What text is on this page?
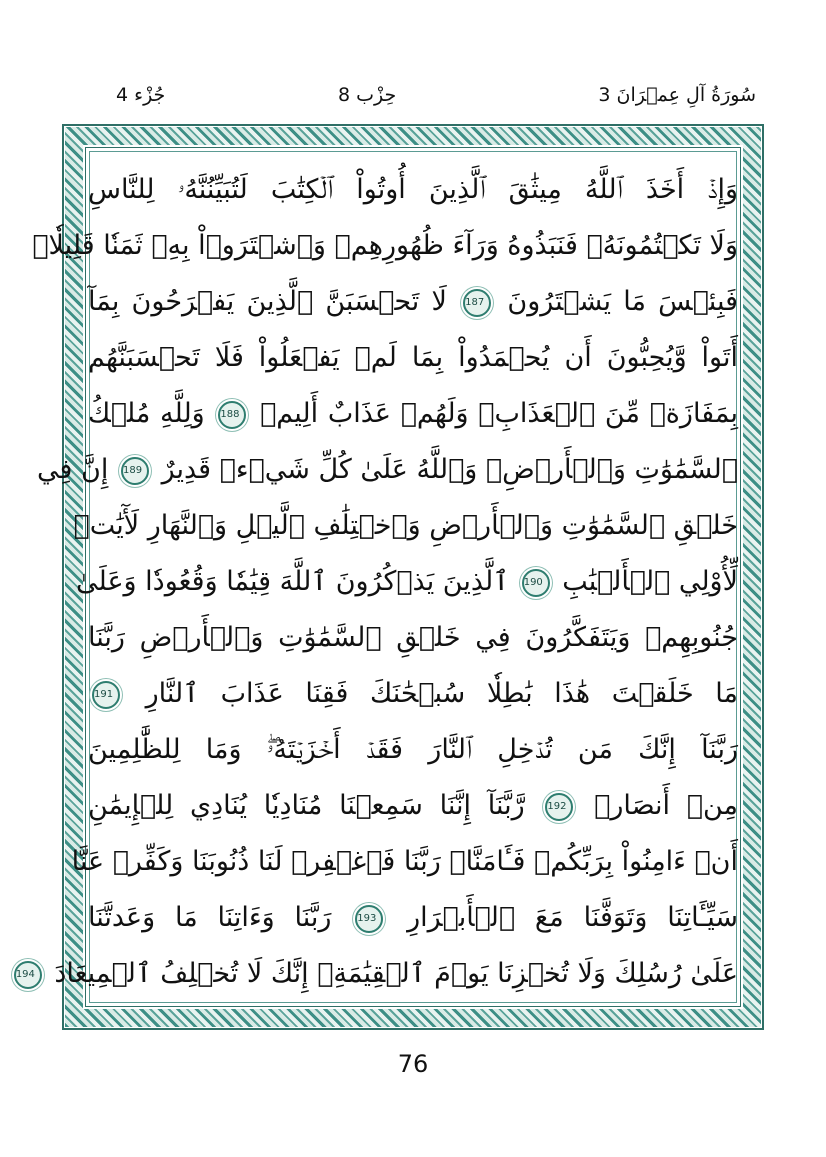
جُزْء 4	حِزْب 8	3 سُورَةُ آلِ عِمۡرَانَ
وَإِذۡ أَخَذَ ٱللَّهُ مِيثَٰقَ ٱلَّذِينَ أُوتُواْ ٱلۡكِتَٰبَ لَتُبَيِّنُنَّهُۥ لِلنَّاسِ
وَلَا تَكۡتُمُونَهُۥ فَنَبَذُوهُ وَرَآءَ ظُهُورِهِمۡ وَٱشۡتَرَوۡاْ بِهِۦ ثَمَنٗا قَلِيلٗاۖ
فَبِئۡسَ مَا يَشۡتَرُونَ 187 لَا تَحۡسَبَنَّ ٱلَّذِينَ يَفۡرَحُونَ بِمَآ
أَتَواْ وَّيُحِبُّونَ أَن يُحۡمَدُواْ بِمَا لَمۡ يَفۡعَلُواْ فَلَا تَحۡسَبَنَّهُم
بِمَفَازَةٖ مِّنَ ٱلۡعَذَابِۖ وَلَهُمۡ عَذَابٌ أَلِيمٞ 188 وَلِلَّهِ مُلۡكُ
ٱلسَّمَٰوَٰتِ وَٱلۡأَرۡضِۗ وَٱللَّهُ عَلَىٰ كُلِّ شَيۡءٖ قَدِيرٌ 189 إِنَّ فِي
خَلۡقِ ٱلسَّمَٰوَٰتِ وَٱلۡأَرۡضِ وَٱخۡتِلَٰفِ ٱلَّيۡلِ وَٱلنَّهَارِ لَأٓيَٰتٖ
لِّأُوْلِي ٱلۡأَلۡبَٰبِ 190 ٱلَّذِينَ يَذۡكُرُونَ ٱللَّهَ قِيَٰمٗا وَقُعُودٗا وَعَلَىٰ
جُنُوبِهِمۡ وَيَتَفَكَّرُونَ فِي خَلۡقِ ٱلسَّمَٰوَٰتِ وَٱلۡأَرۡضِ رَبَّنَا
مَا خَلَقۡتَ هَٰذَا بَٰطِلٗا سُبۡحَٰنَكَ فَقِنَا عَذَابَ ٱلنَّارِ 191
رَبَّنَآ إِنَّكَ مَن تُدۡخِلِ ٱلنَّارَ فَقَدۡ أَخۡزَيۡتَهُۥۖ وَمَا لِلظَّٰلِمِينَ
مِنۡ أَنصَارٖ 192 رَّبَّنَآ إِنَّنَا سَمِعۡنَا مُنَادِيٗا يُنَادِي لِلۡإِيمَٰنِ
أَنۡ ءَامِنُواْ بِرَبِّكُمۡ فَـَٔامَنَّاۚ رَبَّنَا فَٱغۡفِرۡ لَنَا ذُنُوبَنَا وَكَفِّرۡ عَنَّا
سَيِّـَٔاتِنَا وَتَوَفَّنَا مَعَ ٱلۡأَبۡرَارِ 193 رَبَّنَا وَءَاتِنَا مَا وَعَدتَّنَا
عَلَىٰ رُسُلِكَ وَلَا تُخۡزِنَا يَوۡمَ ٱلۡقِيَٰمَةِۗ إِنَّكَ لَا تُخۡلِفُ ٱلۡمِيعَادَ 194
76
